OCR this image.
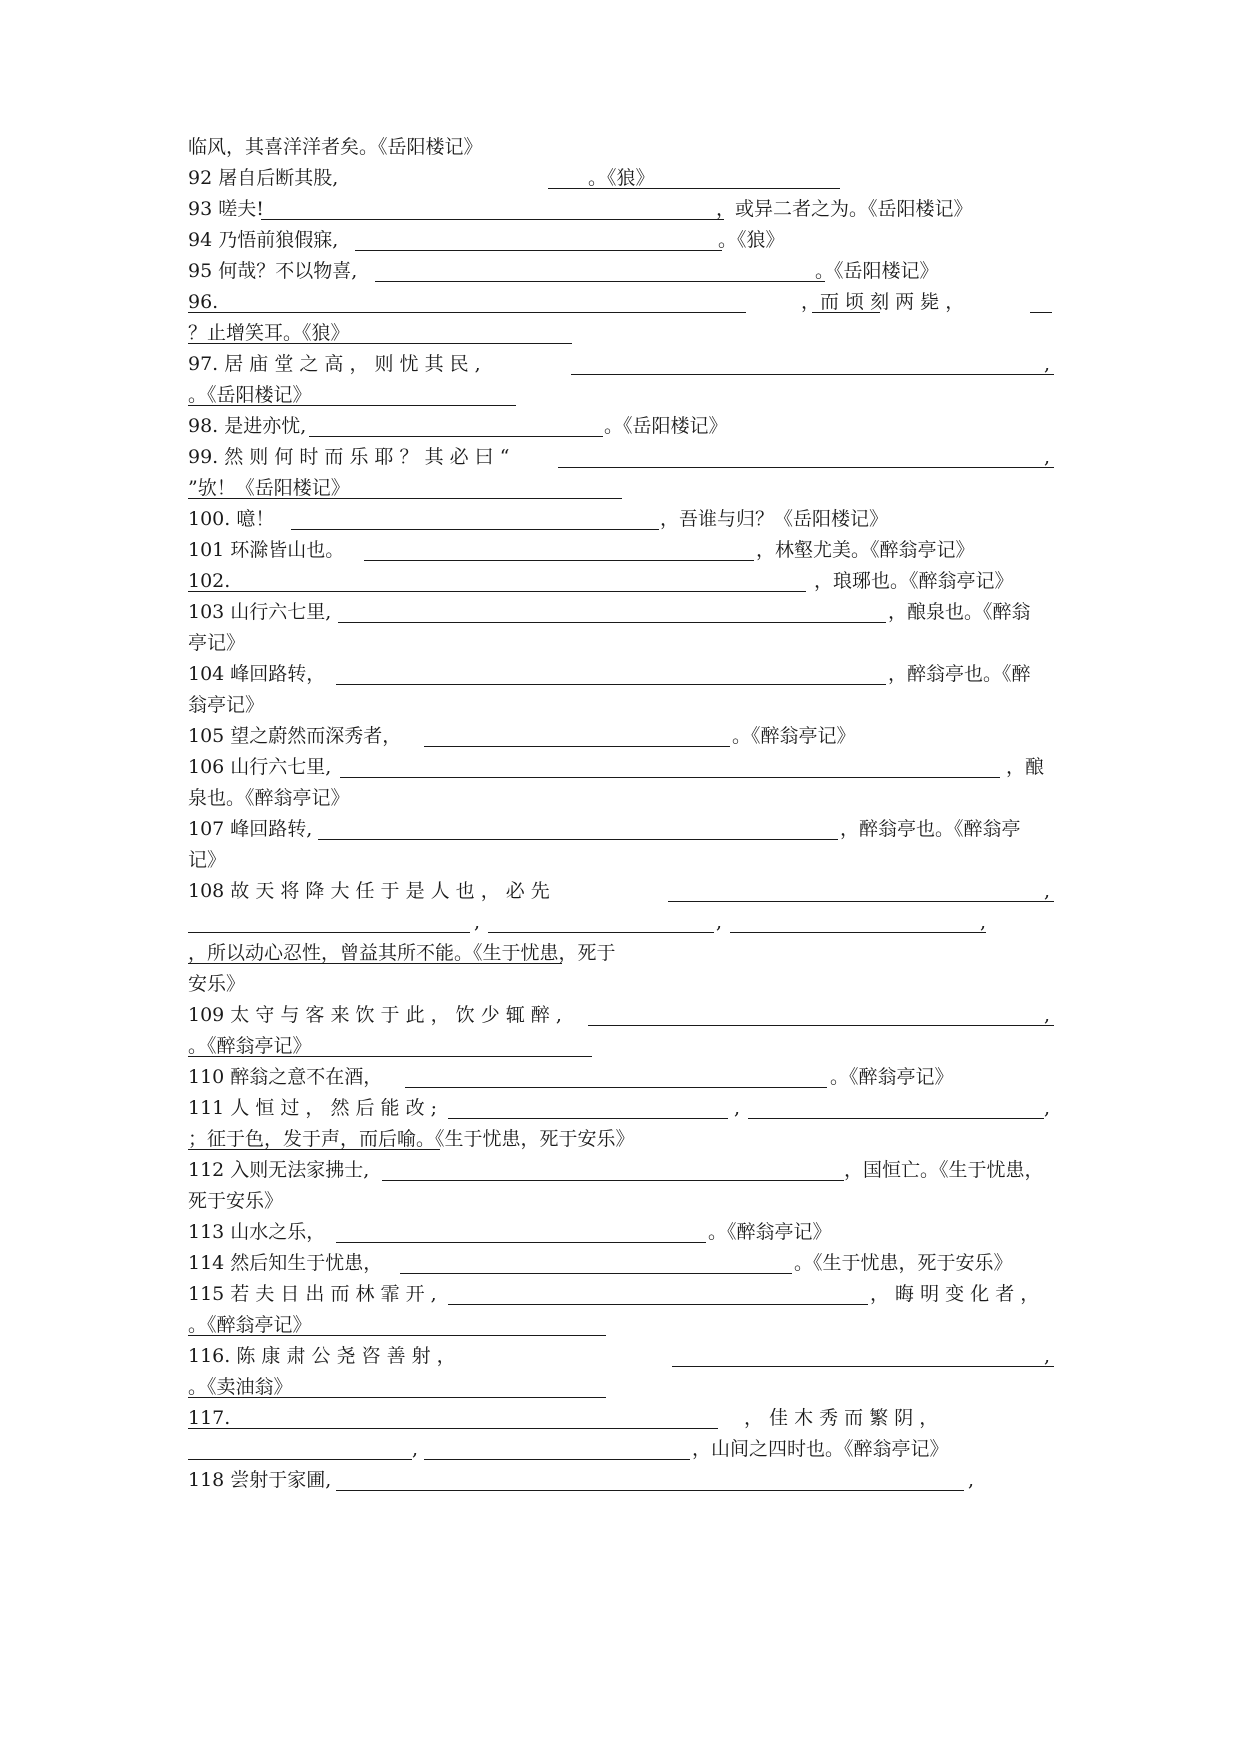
临风，其喜洋洋者矣。《岳阳楼记》
92 屠自后断其股,	。《狼》
93 嗟夫!	，或异二者之为。《岳阳楼记》
94 乃悟前狼假寐,	。《狼》
95 何哉？不以物喜,	。《岳阳楼记》
96.	，而 顷 刻 两 毙 ，
？止增笑耳。《狼》
97. 居 庙 堂 之 高 ， 则 忧 其 民 ,	,
。《岳阳楼记》
98. 是进亦忧,	。《岳阳楼记》
99. 然 则 何 时 而 乐 耶 ？ 其 必 曰 “	,
”欤！《岳阳楼记》
100. 噫！	，吾谁与归？《岳阳楼记》
101 环滁皆山也。	，林壑尤美。《醉翁亭记》
102.	，琅琊也。《醉翁亭记》
103 山行六七里,	，酿泉也。《醉翁
亭记》
104 峰回路转，	，醉翁亭也。《醉
翁亭记》
105 望之蔚然而深秀者，	。《醉翁亭记》
106 山行六七里,	，酿
泉也。《醉翁亭记》
107 峰回路转,	，醉翁亭也。《醉翁亭
记》
108 故 天 将 降 大 任 于 是 人 也 ， 必 先	,
,	,	,
，所以动心忍性，曾益其所不能。《生于忧患，死于
安乐》
109 太 守 与 客 来 饮 于 此 ， 饮 少 辄 醉 ,	,
。《醉翁亭记》
110 醉翁之意不在酒，	。《醉翁亭记》
111 人 恒 过 ， 然 后 能 改 ;	,	,
；征于色，发于声，而后喻。《生于忧患，死于安乐》
112 入则无法家拂士,	，国恒亡。《生于忧患，
死于安乐》
113 山水之乐，	。《醉翁亭记》
114 然后知生于忧患，	。《生于忧患，死于安乐》
115 若 夫 日 出 而 林 霏 开 ,	， 晦 明 变 化 者 ，
。《醉翁亭记》
116. 陈 康 肃 公 尧 咨 善 射 ，	,
。《卖油翁》
117.	， 佳 木 秀 而 繁 阴 ，
,	，山间之四时也。《醉翁亭记》
118 尝射于家圃,	,
